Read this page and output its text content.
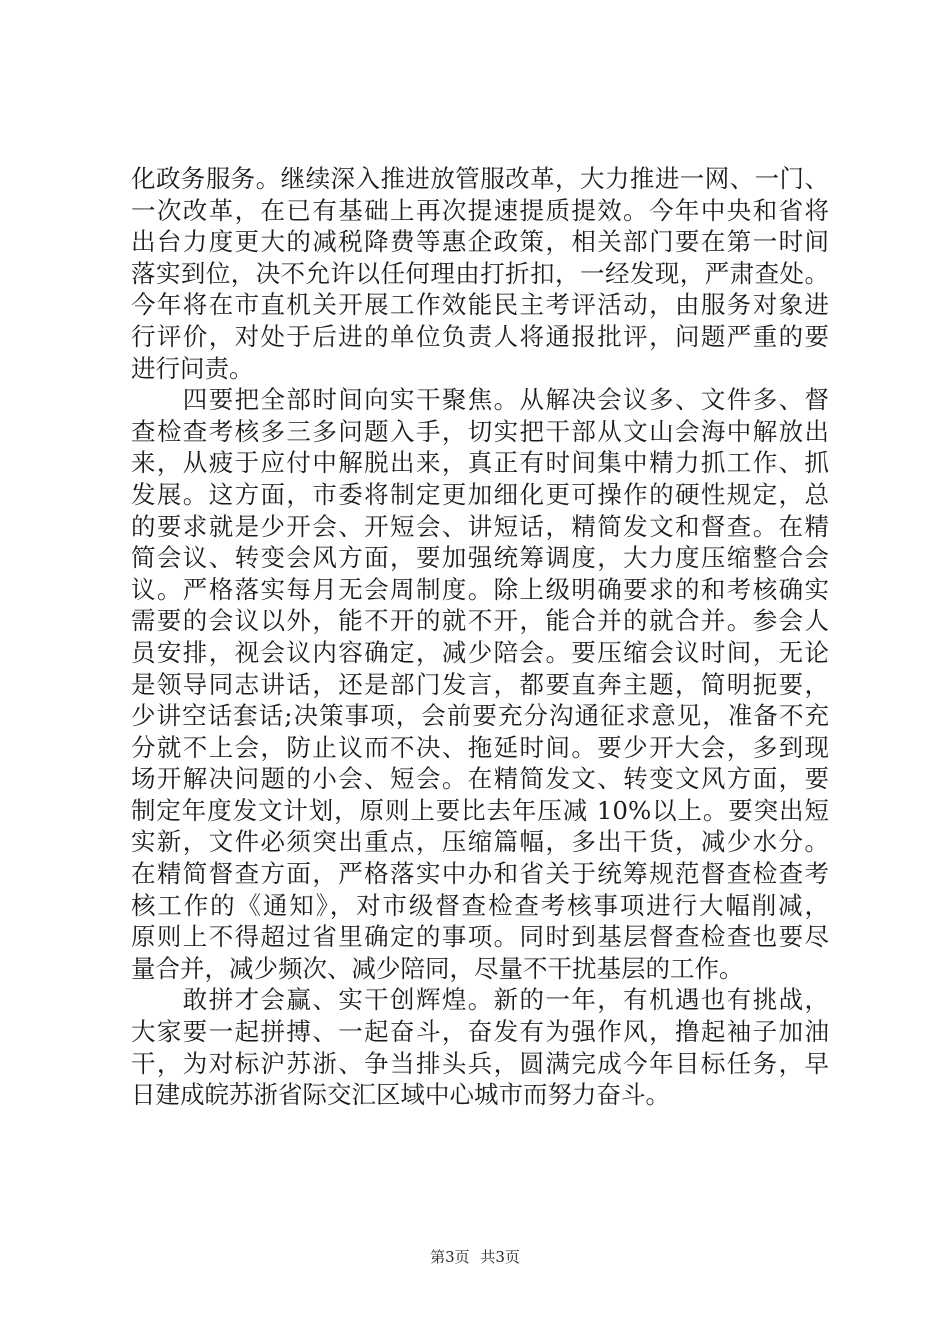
化政务服务。继续深入推进放管服改革，大力推进一网、一门、
一次改革，在已有基础上再次提速提质提效。今年中央和省将
出台力度更大的减税降费等惠企政策，相关部门要在第一时间
落实到位，决不允许以任何理由打折扣，一经发现，严肃查处。
今年将在市直机关开展工作效能民主考评活动，由服务对象进
行评价，对处于后进的单位负责人将通报批评，问题严重的要
进行问责。
　　四要把全部时间向实干聚焦。从解决会议多、文件多、督
查检查考核多三多问题入手，切实把干部从文山会海中解放出
来，从疲于应付中解脱出来，真正有时间集中精力抓工作、抓
发展。这方面，市委将制定更加细化更可操作的硬性规定，总
的要求就是少开会、开短会、讲短话，精简发文和督查。在精
简会议、转变会风方面，要加强统筹调度，大力度压缩整合会
议。严格落实每月无会周制度。除上级明确要求的和考核确实
需要的会议以外，能不开的就不开，能合并的就合并。参会人
员安排，视会议内容确定，减少陪会。要压缩会议时间，无论
是领导同志讲话，还是部门发言，都要直奔主题，简明扼要，
少讲空话套话;决策事项，会前要充分沟通征求意见，准备不充
分就不上会，防止议而不决、拖延时间。要少开大会，多到现
场开解决问题的小会、短会。在精简发文、转变文风方面，要
制定年度发文计划，原则上要比去年压减 10%以上。要突出短
实新，文件必须突出重点，压缩篇幅，多出干货，减少水分。
在精简督查方面，严格落实中办和省关于统筹规范督查检查考
核工作的《通知》，对市级督查检查考核事项进行大幅削减，
原则上不得超过省里确定的事项。同时到基层督查检查也要尽
量合并，减少频次、减少陪同，尽量不干扰基层的工作。
　　敢拼才会赢、实干创辉煌。新的一年，有机遇也有挑战，
大家要一起拼搏、一起奋斗，奋发有为强作风，撸起袖子加油
干，为对标沪苏浙、争当排头兵，圆满完成今年目标任务，早
日建成皖苏浙省际交汇区域中心城市而努力奋斗。
第3页 共3页
